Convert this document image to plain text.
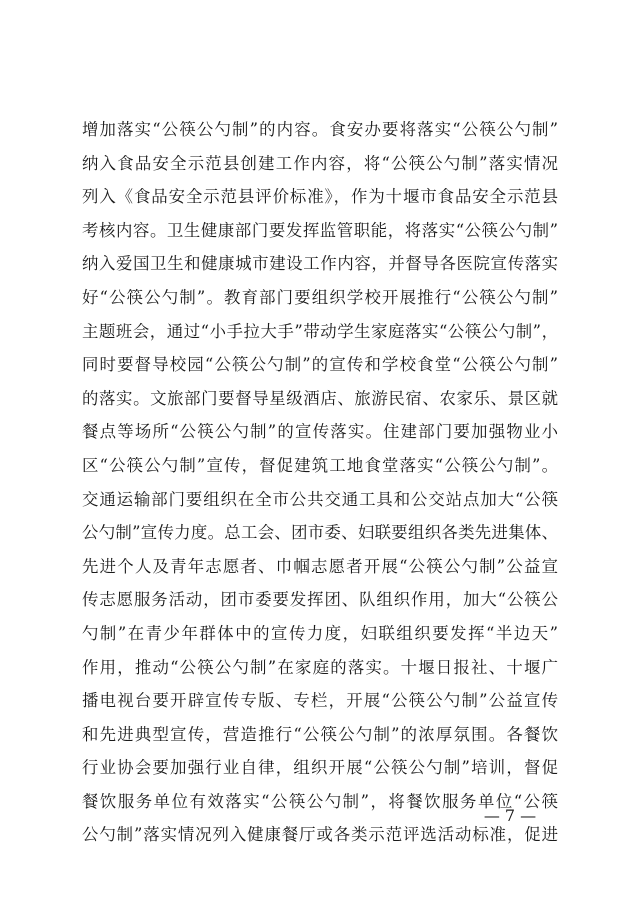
增加落实“公筷公勺制”的内容。食安办要将落实“公筷公勺制”
纳入食品安全示范县创建工作内容，将“公筷公勺制”落实情况
列入《食品安全示范县评价标准》，作为十堰市食品安全示范县
考核内容。卫生健康部门要发挥监管职能，将落实“公筷公勺制”
纳入爱国卫生和健康城市建设工作内容，并督导各医院宣传落实
好“公筷公勺制”。教育部门要组织学校开展推行“公筷公勺制”
主题班会，通过“小手拉大手”带动学生家庭落实“公筷公勺制”，
同时要督导校园“公筷公勺制”的宣传和学校食堂“公筷公勺制”
的落实。文旅部门要督导星级酒店、旅游民宿、农家乐、景区就
餐点等场所“公筷公勺制”的宣传落实。住建部门要加强物业小
区“公筷公勺制”宣传，督促建筑工地食堂落实“公筷公勺制”。
交通运输部门要组织在全市公共交通工具和公交站点加大“公筷
公勺制”宣传力度。总工会、团市委、妇联要组织各类先进集体、
先进个人及青年志愿者、巾帼志愿者开展“公筷公勺制”公益宣
传志愿服务活动，团市委要发挥团、队组织作用，加大“公筷公
勺制”在青少年群体中的宣传力度，妇联组织要发挥“半边天”
作用，推动“公筷公勺制”在家庭的落实。十堰日报社、十堰广
播电视台要开辟宣传专版、专栏，开展“公筷公勺制”公益宣传
和先进典型宣传，营造推行“公筷公勺制”的浓厚氛围。各餐饮
行业协会要加强行业自律，组织开展“公筷公勺制”培训，督促
餐饮服务单位有效落实“公筷公勺制”，将餐饮服务单位“公筷
公勺制”落实情况列入健康餐厅或各类示范评选活动标准，促进
— 7 —
